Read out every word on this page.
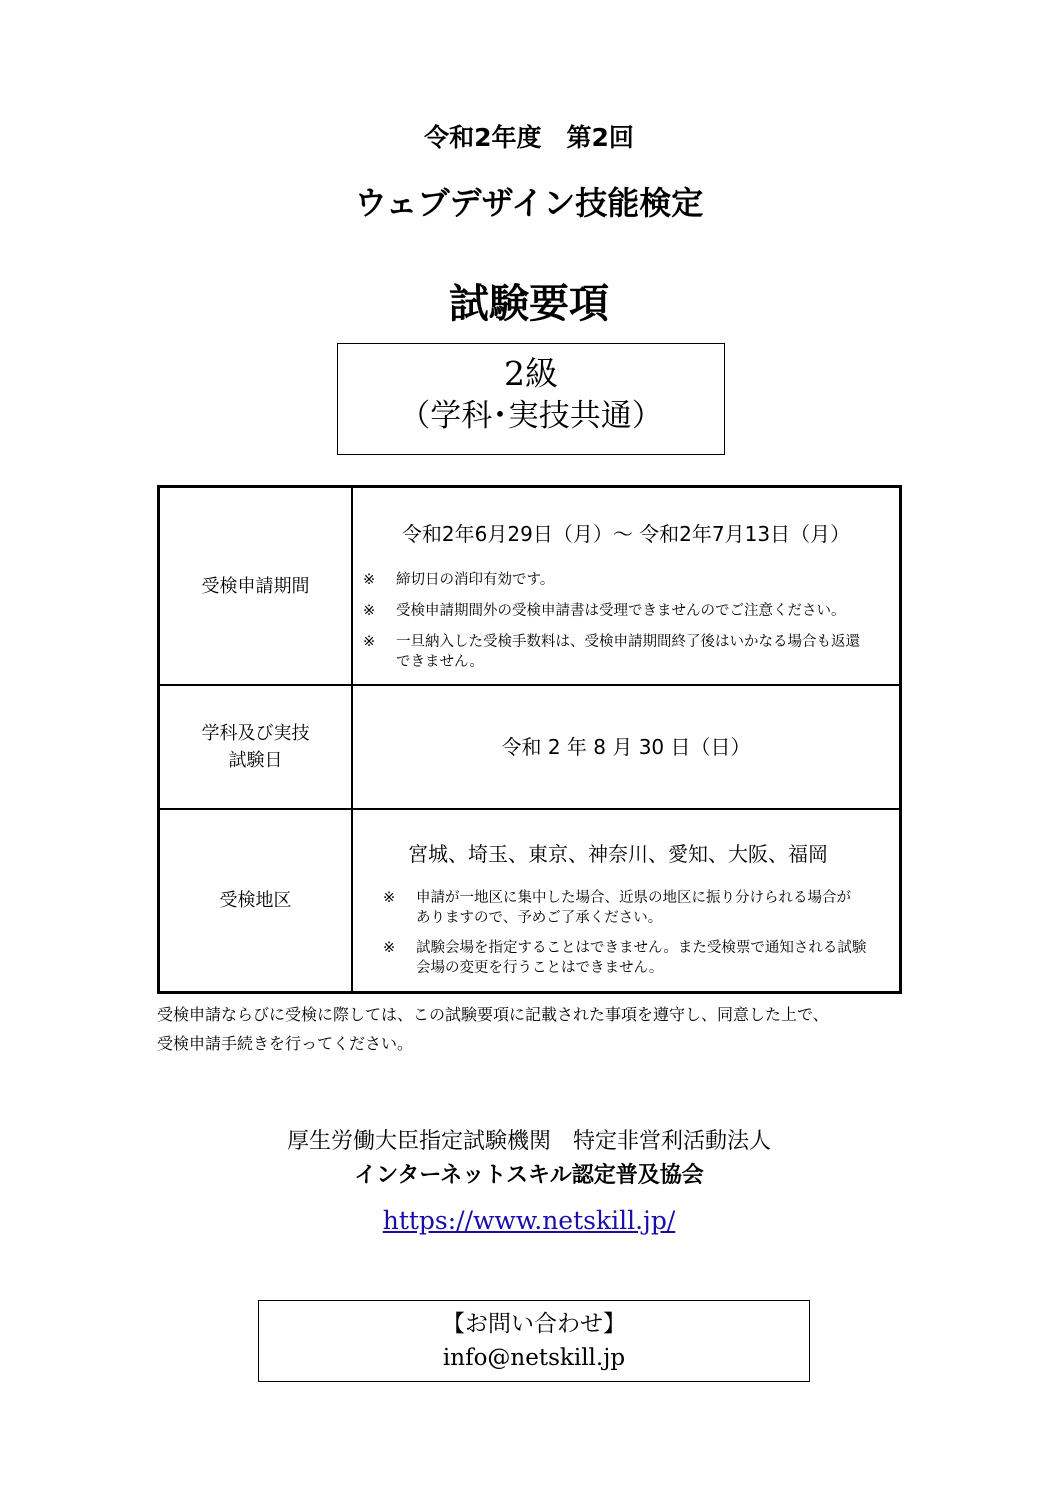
令和2年度　第2回
ウェブデザイン技能検定
試験要項
2級
（学科･実技共通）
受検申請期間
令和2年6月29日（月）～ 令和2年7月13日（月）
※ 締切日の消印有効です。
※ 受検申請期間外の受検申請書は受理できませんのでご注意ください。
※ 一旦納入した受検手数料は、受検申請期間終了後はいかなる場合も返還
できません。
学科及び実技
試験日
令和 2 年 8 月 30 日（日）
受検地区
宮城、埼玉、東京、神奈川、愛知、大阪、福岡
※ 申請が一地区に集中した場合、近県の地区に振り分けられる場合が
ありますので、予めご了承ください。
※ 試験会場を指定することはできません。また受検票で通知される試験
会場の変更を行うことはできません。
受検申請ならびに受検に際しては、この試験要項に記載された事項を遵守し、同意した上で、
受検申請手続きを行ってください。
厚生労働大臣指定試験機関　特定非営利活動法人
インターネットスキル認定普及協会
https://www.netskill.jp/
【お問い合わせ】
info@netskill.jp
